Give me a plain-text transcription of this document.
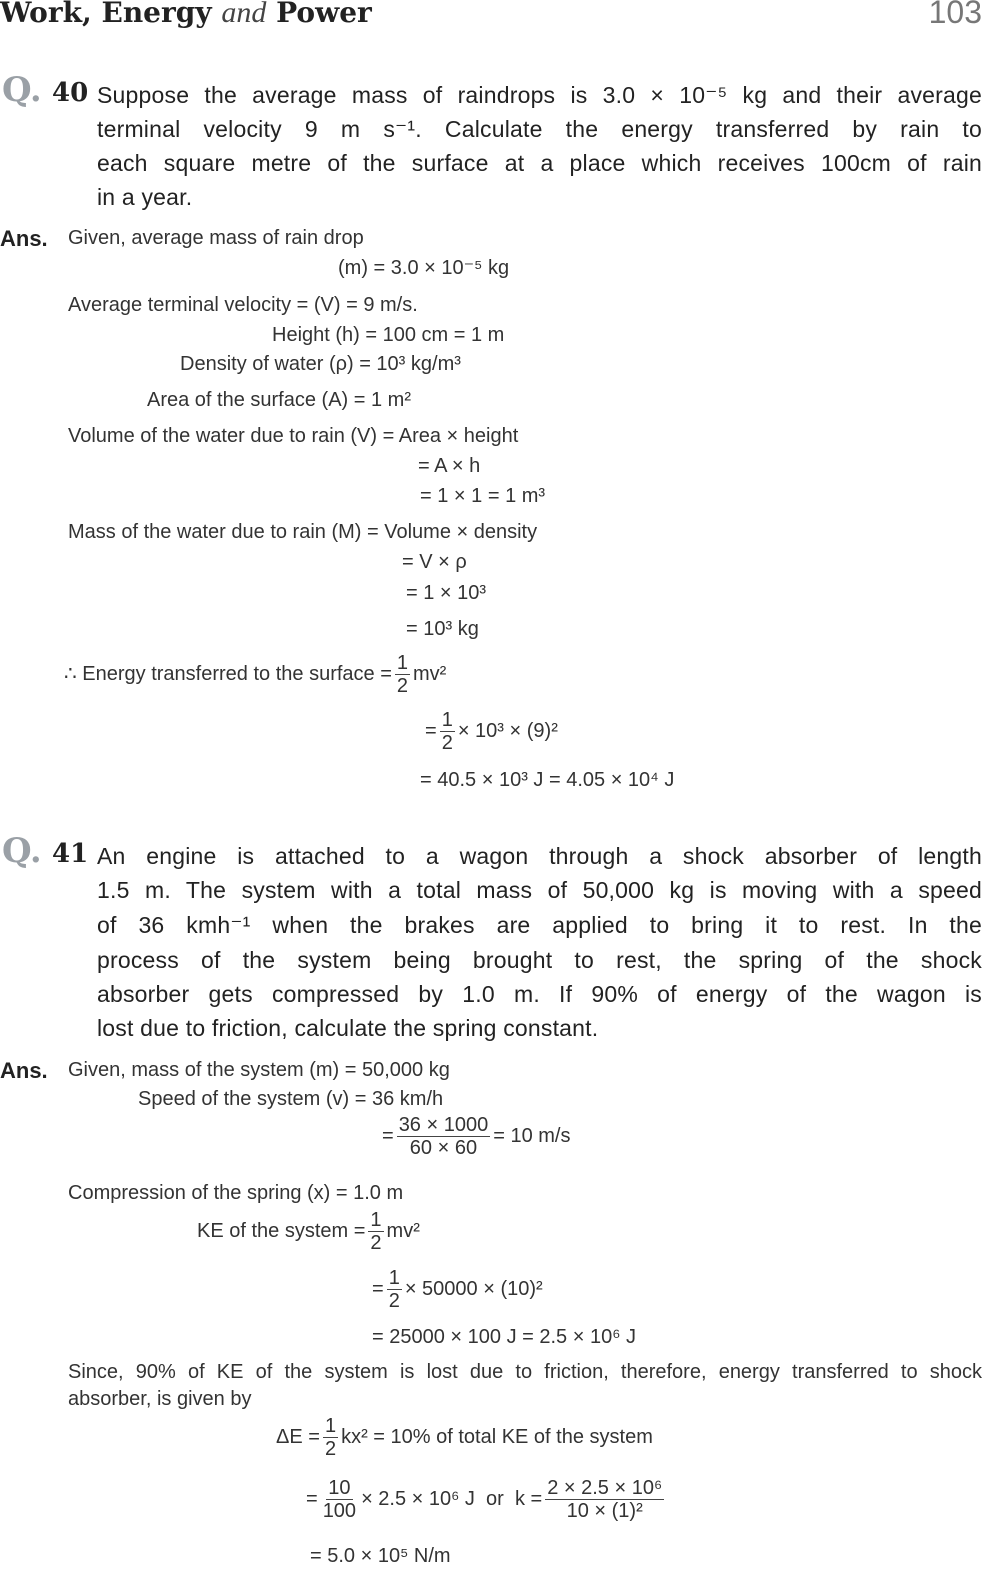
Work, Energy and Power	103
Q. 40 Suppose the average mass of raindrops is 3.0 × 10⁻⁵ kg and their average
terminal velocity 9 m s⁻¹. Calculate the energy transferred by rain to
each square metre of the surface at a place which receives 100cm of rain
in a year.
Ans. Given, average mass of rain drop
(m) = 3.0 × 10⁻⁵ kg
Average terminal velocity = (V) = 9 m/s.
Height (h) = 100 cm = 1 m
Density of water (ρ) = 10³ kg/m³
Area of the surface (A) = 1 m²
Volume of the water due to rain (V) = Area × height
= A × h
= 1 × 1 = 1 m³
Mass of the water due to rain (M) = Volume × density
= V × ρ
= 1 × 10³
= 10³ kg
∴ Energy transferred to the surface = $\frac{1}{2} mv^2$
= $\frac{1}{2} \times 10^3 \times (9)^2$
= 40.5 × 10³ J = 4.05 × 10⁴ J
Q. 41 An engine is attached to a wagon through a shock absorber of length
1.5 m. The system with a total mass of 50,000 kg is moving with a speed
of 36 kmh⁻¹ when the brakes are applied to bring it to rest. In the
process of the system being brought to rest, the spring of the shock
absorber gets compressed by 1.0 m. If 90% of energy of the wagon is
lost due to friction, calculate the spring constant.
Ans. Given, mass of the system (m) = 50,000 kg
Speed of the system (v) = 36 km/h
= $\frac{36 \times 1000}{60 \times 60} = 10$ m/s
Compression of the spring (x) = 1.0 m
KE of the system = $\frac{1}{2} mv^2$
= $\frac{1}{2} \times 50000 \times (10)^2$
= 25000 × 100 J = 2.5 × 10⁶ J
Since, 90% of KE of the system is lost due to friction, therefore, energy transferred to shock
absorber, is given by
$\Delta E = \frac{1}{2} kx^2 = 10\%$ of total KE of the system
= $\frac{10}{100} \times 2.5 \times 10^6$ J  or  $k = \frac{\text{2 × 2.5 × 10⁶}}{\text{10 × (1)²}}$
= 5.0 × 10⁵ N/m
